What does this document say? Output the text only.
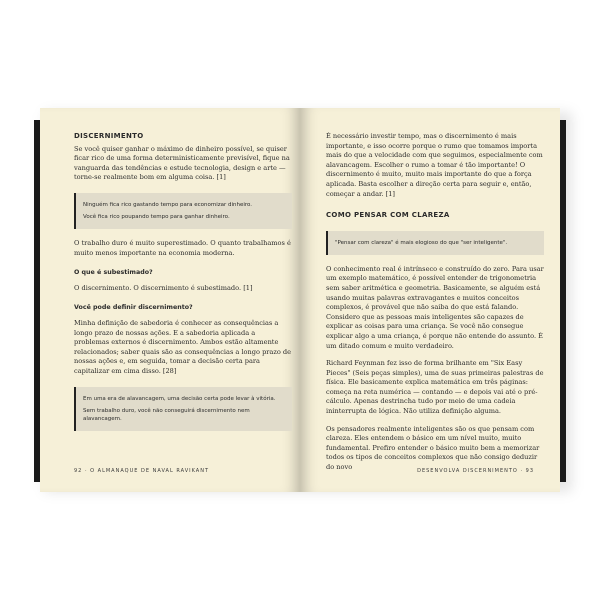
DISCERNIMENTO

Se você quiser ganhar o máximo de dinheiro possível, se quiser ficar rico de uma forma deterministicamente previsível, fique na vanguarda das tendências e estude tecnologia, design e arte — torne-se realmente bom em alguma coisa. [1]

Ninguém fica rico gastando tempo para economizar dinheiro.
Você fica rico poupando tempo para ganhar dinheiro.

O trabalho duro é muito superestimado. O quanto trabalhamos é muito menos importante na economia moderna.

O que é subestimado?

O discernimento. O discernimento é subestimado. [1]

Você pode definir discernimento?

Minha definição de sabedoria é conhecer as consequências a longo prazo de nossas ações. E a sabedoria aplicada a problemas externos é discernimento. Ambos estão altamente relacionados; saber quais são as consequências a longo prazo de nossas ações e, em seguida, tomar a decisão certa para capitalizar em cima disso. [28]

Em uma era de alavancagem, uma decisão certa pode levar à vitória.
Sem trabalho duro, você não conseguirá discernimento nem alavancagem.
92 · O ALMANAQUE DE NAVAL RAVIKANT

É necessário investir tempo, mas o discernimento é mais importante, e isso ocorre porque o rumo que tomamos importa mais do que a velocidade com que seguimos, especialmente com alavancagem. Escolher o rumo a tomar é tão importante! O discernimento é muito, muito mais importante do que a força aplicada. Basta escolher a direção certa para seguir e, então, começar a andar. [1]

COMO PENSAR COM CLAREZA
"Pensar com clareza" é mais elogioso do que "ser inteligente".

O conhecimento real é intrínseco e construído do zero. Para usar um exemplo matemático, é possível entender de trigonometria sem saber aritmética e geometria. Basicamente, se alguém está usando muitas palavras extravagantes e muitos conceitos complexos, é provável que não saiba do que está falando. Considero que as pessoas mais inteligentes são capazes de explicar as coisas para uma criança. Se você não consegue explicar algo a uma criança, é porque não entende do assunto. É um ditado comum e muito verdadeiro.

Richard Feynman fez isso de forma brilhante em "Six Easy Pieces" (Seis peças simples), uma de suas primeiras palestras de física. Ele basicamente explica matemática em três páginas: começa na reta numérica — contando — e depois vai até o pré-cálculo. Apenas destrincha tudo por meio de uma cadeia ininterrupta de lógica. Não utiliza definição alguma.

Os pensadores realmente inteligentes são os que pensam com clareza. Eles entendem o básico em um nível muito, muito fundamental. Prefiro entender o básico muito bem a memorizar todos os tipos de conceitos complexos que não consigo deduzir do novo	DESENVOLVA DISCERNIMENTO · 93
